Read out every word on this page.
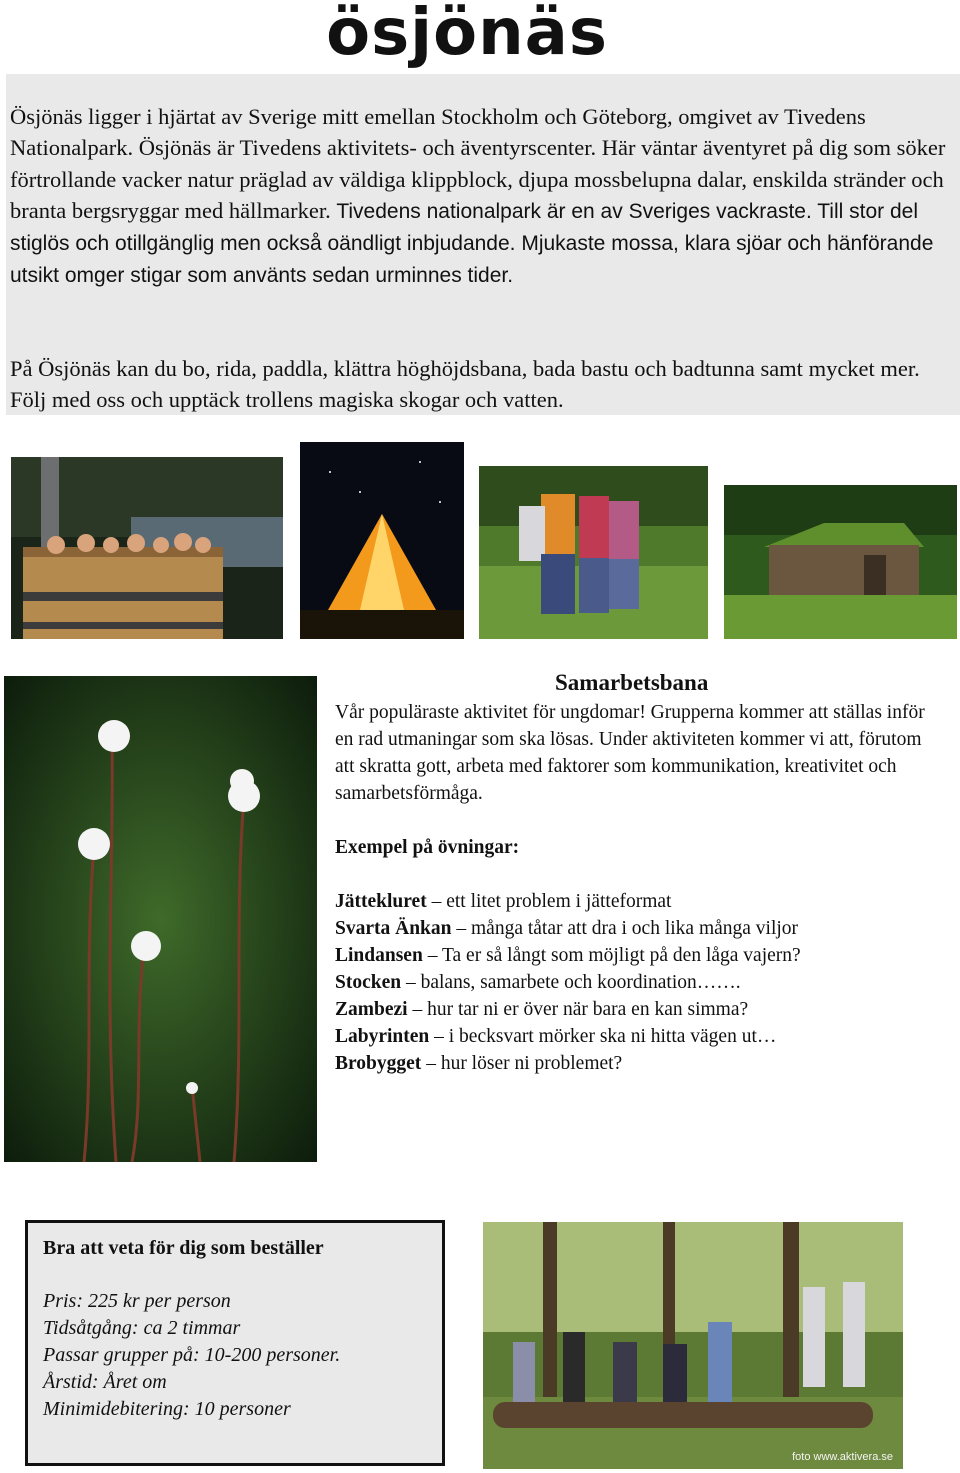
ösjönäs

Ösjönäs ligger i hjärtat av Sverige mitt emellan Stockholm och Göteborg, omgivet av Tivedens Nationalpark. Ösjönäs är Tivedens aktivitets- och äventyrscenter. Här väntar äventyret på dig som söker förtrollande vacker natur präglad av väldiga klippblock, djupa mossbelupna dalar, enskilda stränder och branta bergsryggar med hällmarker. Tivedens nationalpark är en av Sveriges vackraste. Till stor del stiglös och otillgänglig men också oändligt inbjudande. Mjukaste mossa, klara sjöar och hänförande utsikt omger stigar som använts sedan urminnes tider.

På Ösjönäs kan du bo, rida, paddla, klättra höghöjdsbana, bada bastu och badtunna samt mycket mer. Följ med oss och upptäck trollens magiska skogar och vatten.

Samarbetsbana

Vår populäraste aktivitet för ungdomar! Grupperna kommer att ställas inför en rad utmaningar som ska lösas. Under aktiviteten kommer vi att, förutom att skratta gott, arbeta med faktorer som kommunikation, kreativitet och samarbetsförmåga.

Exempel på övningar:

Jättekluret – ett litet problem i jätteformat
Svarta Änkan – många tåtar att dra i och lika många viljor
Lindansen – Ta er så långt som möjligt på den låga vajern?
Stocken – balans, samarbete och koordination…….
Zambezi – hur tar ni er över när bara en kan simma?
Labyrinten – i becksvart mörker ska ni hitta vägen ut…
Brobygget – hur löser ni problemet?
Bra att veta för dig som beställer
Pris: 225 kr per person
Tidsåtgång: ca 2 timmar
Passar grupper på: 10-200 personer.
Årstid: Året om
Minimidebitering: 10 personer
foto www.aktivera.se
